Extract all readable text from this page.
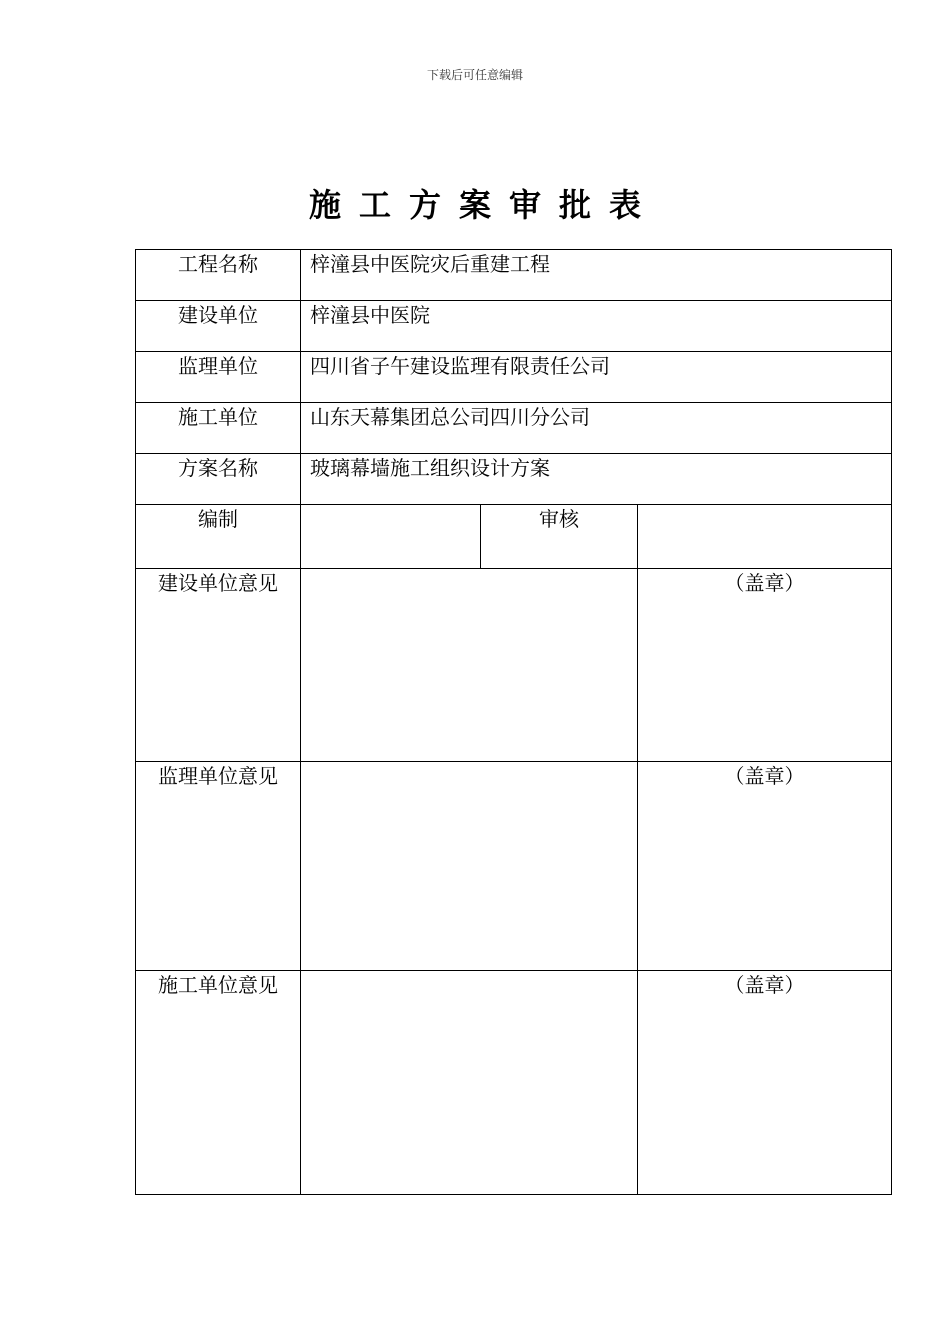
下载后可任意编辑
施工方案审批表
工程名称	梓潼县中医院灾后重建工程		
建设单位	梓潼县中医院		
监理单位	四川省子午建设监理有限责任公司		
施工单位	山东天幕集团总公司四川分公司		
方案名称	玻璃幕墙施工组织设计方案		
编制		审核	
建设单位意见			（盖章）
监理单位意见			（盖章）
施工单位意见			（盖章）
